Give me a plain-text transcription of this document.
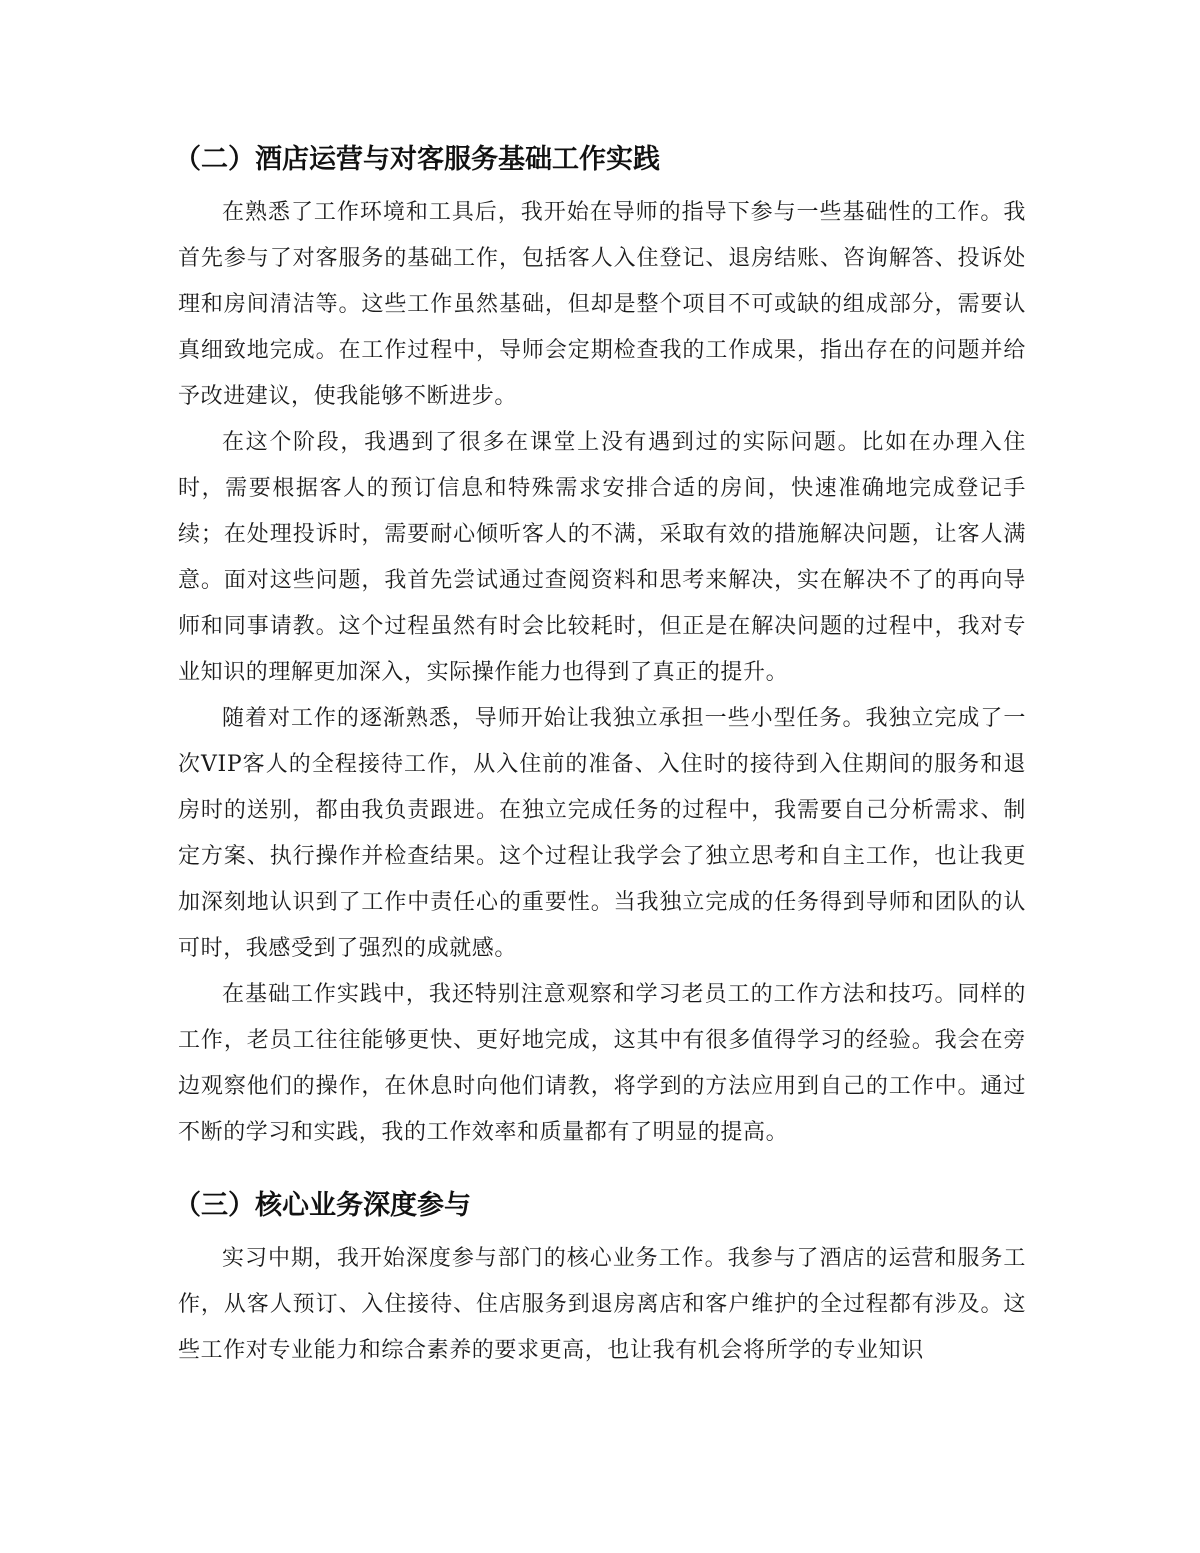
（二）酒店运营与对客服务基础工作实践

在熟悉了工作环境和工具后，我开始在导师的指导下参与一些基础性的工作。我首先参与了对客服务的基础工作，包括客人入住登记、退房结账、咨询解答、投诉处理和房间清洁等。这些工作虽然基础，但却是整个项目不可或缺的组成部分，需要认真细致地完成。在工作过程中，导师会定期检查我的工作成果，指出存在的问题并给予改进建议，使我能够不断进步。

在这个阶段，我遇到了很多在课堂上没有遇到过的实际问题。比如在办理入住时，需要根据客人的预订信息和特殊需求安排合适的房间，快速准确地完成登记手续；在处理投诉时，需要耐心倾听客人的不满，采取有效的措施解决问题，让客人满意。面对这些问题，我首先尝试通过查阅资料和思考来解决，实在解决不了的再向导师和同事请教。这个过程虽然有时会比较耗时，但正是在解决问题的过程中，我对专业知识的理解更加深入，实际操作能力也得到了真正的提升。

随着对工作的逐渐熟悉，导师开始让我独立承担一些小型任务。我独立完成了一次VIP客人的全程接待工作，从入住前的准备、入住时的接待到入住期间的服务和退房时的送别，都由我负责跟进。在独立完成任务的过程中，我需要自己分析需求、制定方案、执行操作并检查结果。这个过程让我学会了独立思考和自主工作，也让我更加深刻地认识到了工作中责任心的重要性。当我独立完成的任务得到导师和团队的认可时，我感受到了强烈的成就感。

在基础工作实践中，我还特别注意观察和学习老员工的工作方法和技巧。同样的工作，老员工往往能够更快、更好地完成，这其中有很多值得学习的经验。我会在旁边观察他们的操作，在休息时向他们请教，将学到的方法应用到自己的工作中。通过不断的学习和实践，我的工作效率和质量都有了明显的提高。

（三）核心业务深度参与

实习中期，我开始深度参与部门的核心业务工作。我参与了酒店的运营和服务工作，从客人预订、入住接待、住店服务到退房离店和客户维护的全过程都有涉及。这些工作对专业能力和综合素养的要求更高，也让我有机会将所学的专业知识
